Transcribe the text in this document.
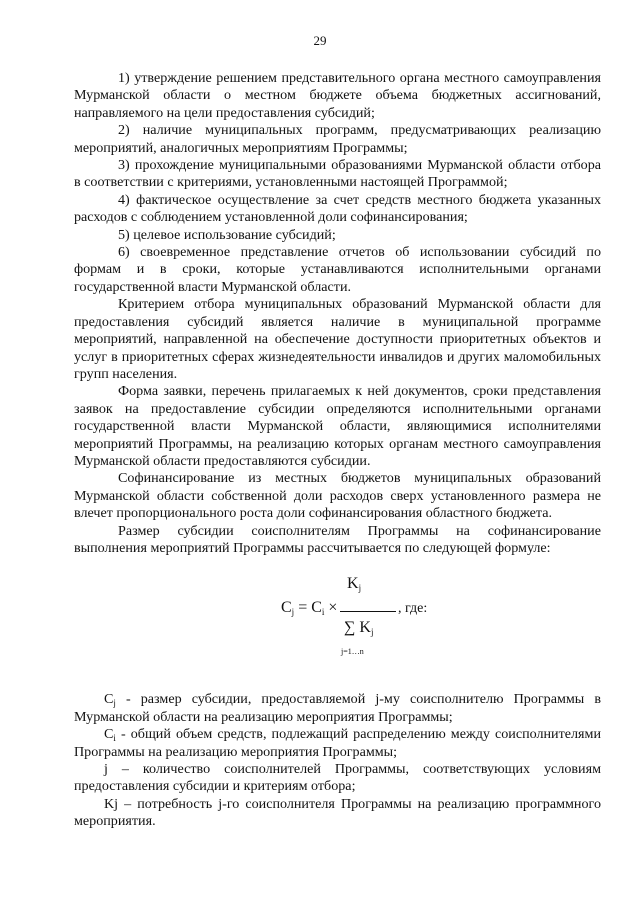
29

1) утверждение решением представительного органа местного самоуправления Мурманской области о местном бюджете объема бюджетных ассигнований, направляемого на цели предоставления субсидий;

2) наличие муниципальных программ, предусматривающих реализацию мероприятий, аналогичных мероприятиям Программы;

3) прохождение муниципальными образованиями Мурманской области отбора в соответствии с критериями, установленными настоящей Программой;

4) фактическое осуществление за счет средств местного бюджета указанных расходов с соблюдением установленной доли софинансирования;

5) целевое использование субсидий;

6) своевременное представление отчетов об использовании субсидий по формам и в сроки, которые устанавливаются исполнительными органами государственной власти Мурманской области.

Критерием отбора муниципальных образований Мурманской области для предоставления субсидий является наличие в муниципальной программе мероприятий, направленной на обеспечение доступности приоритетных объектов и услуг в приоритетных сферах жизнедеятельности инвалидов и других маломобильных групп населения.

Форма заявки, перечень прилагаемых к ней документов, сроки представления заявок на предоставление субсидии определяются исполнительными органами государственной власти Мурманской области, являющимися исполнителями мероприятий Программы, на реализацию которых органам местного самоуправления Мурманской области предоставляются субсидии.

Софинансирование из местных бюджетов муниципальных образований Мурманской области собственной доли расходов сверх установленного размера не влечет пропорционального роста доли софинансирования областного бюджета.

Размер субсидии соисполнителям Программы на софинансирование выполнения мероприятий Программы рассчитывается по следующей формуле:

$K_j$
$C_j = C_i$ ×	, где:
∑ $K_j$
j=1…n

$C_j$ - размер субсидии, предоставляемой j-му соисполнителю Программы в Мурманской области на реализацию мероприятия Программы;

$C_i$ - общий объем средств, подлежащий распределению между соисполнителями Программы на реализацию мероприятия Программы;

j – количество соисполнителей Программы, соответствующих условиям предоставления субсидии и критериям отбора;

Kj – потребность j-го соисполнителя Программы на реализацию программного мероприятия.
